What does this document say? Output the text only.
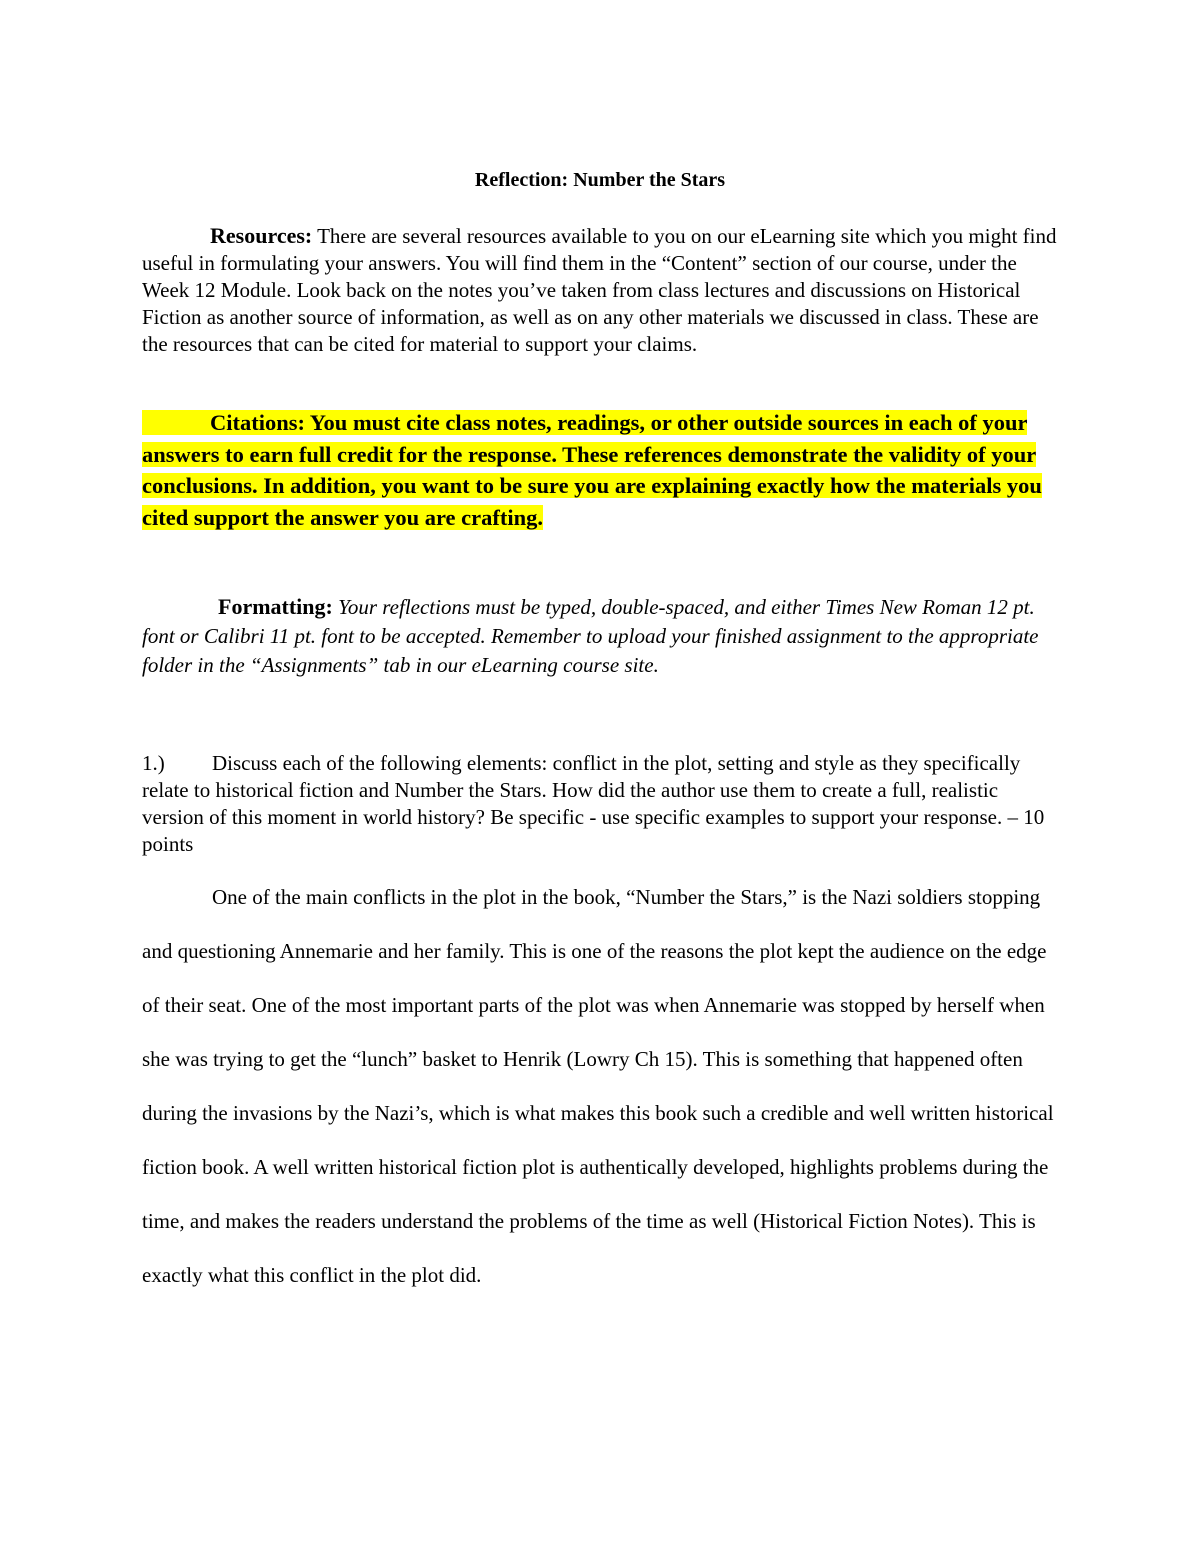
Reflection: Number the Stars
Resources: There are several resources available to you on our eLearning site which you might find useful in formulating your answers. You will find them in the “Content” section of our course, under the Week 12 Module. Look back on the notes you’ve taken from class lectures and discussions on Historical Fiction as another source of information, as well as on any other materials we discussed in class. These are the resources that can be cited for material to support your claims.
Citations: You must cite class notes, readings, or other outside sources in each of your answers to earn full credit for the response. These references demonstrate the validity of your conclusions. In addition, you want to be sure you are explaining exactly how the materials you cited support the answer you are crafting.
Formatting: Your reflections must be typed, double-spaced, and either Times New Roman 12 pt. font or Calibri 11 pt. font to be accepted. Remember to upload your finished assignment to the appropriate folder in the “Assignments” tab in our eLearning course site.
1.) Discuss each of the following elements: conflict in the plot, setting and style as they specifically relate to historical fiction and Number the Stars. How did the author use them to create a full, realistic version of this moment in world history? Be specific - use specific examples to support your response. – 10 points
One of the main conflicts in the plot in the book, “Number the Stars,” is the Nazi soldiers stopping and questioning Annemarie and her family. This is one of the reasons the plot kept the audience on the edge of their seat. One of the most important parts of the plot was when Annemarie was stopped by herself when she was trying to get the “lunch” basket to Henrik (Lowry Ch 15). This is something that happened often during the invasions by the Nazi’s, which is what makes this book such a credible and well written historical fiction book. A well written historical fiction plot is authentically developed, highlights problems during the time, and makes the readers understand the problems of the time as well (Historical Fiction Notes). This is exactly what this conflict in the plot did.
